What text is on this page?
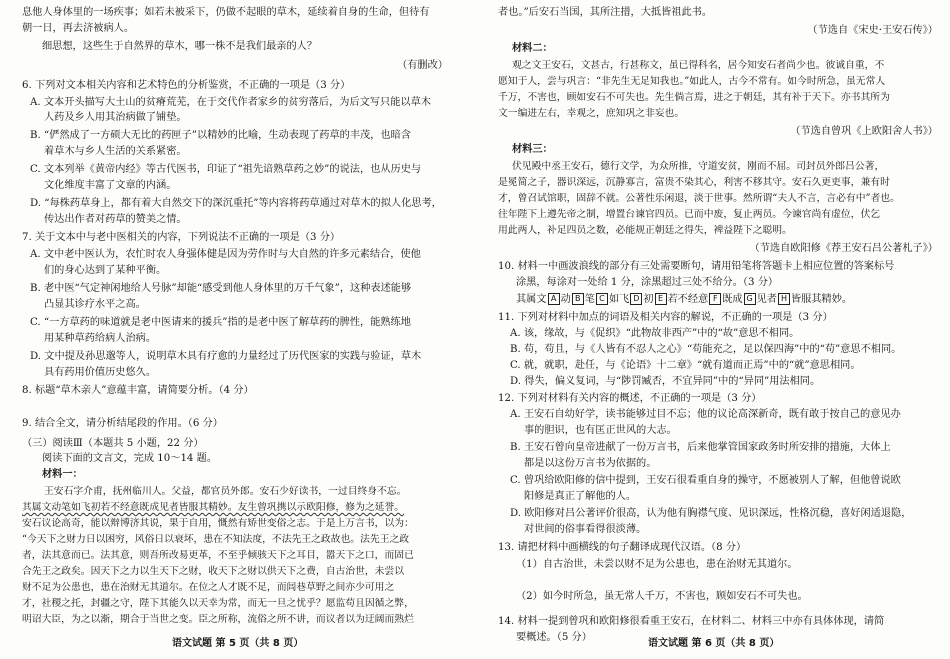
息他人身体里的一场疾事；如若未被采下，仍做不起眼的草木，延续着自身的生命，但待有
朝一日，再去济被病人。
细思想，这些生于自然界的草木，哪一株不是我们最亲的人？
（有删改）
6. 下列对文本相关内容和艺术特色的分析鉴赏，不正确的一项是（3 分）
A. 文本开头描写大土山的贫瘠荒芜，在于交代作者家乡的贫穷落后，为后文写只能以草木
人药及乡人用其治病做了铺垫。
B. “俨然成了一方硕大无比的药匣子”以精妙的比喻，生动表现了药草的丰茂，也暗含
着草木与乡人生活的关系紧密。
C. 文本列举《黄帝内经》等古代医书，印证了“祖先谙熟草药之妙”的说法，也从历史与
文化维度丰富了文章的内涵。
D. “每株药草身上，都有着大自然交下的深沉重托”等内容将药草通过对草木的拟人化思考，
传达出作者对药草的赞美之情。
7. 关于文本中与老中医相关的内容，下列说法不正确的一项是（3 分）
A. 文中老中医认为，农忙时农人身强体健是因为劳作时与大自然的许多元素结合，使他
们的身心达到了某种平衡。
B. 老中医“气定神闲地给人号脉”却能“感受到他人身体里的万千气象”，这种表述能够
凸显其诊疗水平之高。
C. “一方草药的味道就是老中医请来的援兵”指的是老中医了解草药的脾性，能熟练地
用某种草药给病人治病。
D. 文中提及孙思邈等人，说明草木具有疗愈的力量经过了历代医家的实践与验证，草木
具有药用价值历史悠久。
8. 标题“草木亲人”意蕴丰富，请简要分析。（4 分）
9. 结合全文，请分析结尾段的作用。（6 分）
（三）阅读Ⅲ（本题共 5 小题，22 分）
阅读下面的文言文，完成 10～14 题。
材料一：
王安石字介甫，抚州临川人。父益，都官员外郎。安石少好读书，一过目终身不忘。
其属文动笔如飞初若不经意既成见者皆服其精妙。友生曾巩携以示欧阳修，修为之延誉。
安石议论高奇，能以辩博济其说，果于自用，慨然有矫世变俗之志。于是上万言书，以为：
“今天下之财力日以困穷，风俗日以衰坏，患在不知法度，不法先王之政故也。法先王之政
者，法其意而已。法其意，则吾所改易更革，不至乎倾骇天下之耳目，嚣天下之口，而固已
合先王之政矣。因天下之力以生天下之财，收天下之财以供天下之费，自古治世，未尝以
财不足为公患也，患在治财无其道尔。在位之人才既不足，而闾巷草野之间亦少可用之
才，社稷之托，封疆之守，陛下其能久以天幸为常，而无一旦之忧乎？愿监苟且因循之弊，
明诏大臣，为之以渐，期合于当世之变。臣之所称，流俗之所不讲，而议者以为迂阔而熟烂
语文试题 第 5 页（共 8 页）
者也。”后安石当国，其所注措，大抵皆祖此书。
（节选自《宋史·王安石传》）
材料二：
观之文王安石，文甚古，行甚称文，虽已得科名，居今知安石者尚少也。彼诚自重，不
愿知于人，尝与巩言：“非先生无足知我也。”如此人，古今不常有。如今时所急，虽无常人
千万，不害也，顾如安石不可失也。先生倘言焉，进之于朝廷，其有补于天下。亦书其所为
文一编进左右，幸观之，庶知巩之非妄也。
（节选自曾巩《上欧阳舍人书》）
材料三：
伏见殿中丞王安石，德行文学，为众所推，守道安贫，刚而不屈。司封员外郎吕公著，
是冕简之子，器识深远，沉静寡言，富贵不染其心，利害不移其守。安石久更吏事，兼有时
才，曾召试馆职，固辞不就。公著性乐闲退，淡于世事。然所谓“夫人不言，言必有中”者也。
往年陛下上遵先帝之制，增置台谏官四员。已而中废，复止两员。今谏官尚有虚位，伏乞
用此两人，补足四员之数，必能规正朝廷之得失，裨益陛下之聪明。
（节选自欧阳修《荐王安石吕公著札子》）
10. 材料一中画波浪线的部分有三处需要断句，请用铅笔将答题卡上相应位置的答案标号
涂黑，每涂对一处给 1 分，涂黑超过三处不给分。（3 分）
其属文 A 动 B 笔 C 如飞 D 初 E 若不经意 F 既成 G 见者 H 皆服其精妙。
11. 下列对材料中加点的词语及相关内容的解说，不正确的一项是（3 分）
A. 该，缘故，与《促织》“此物故非西产”中的“故”意思不相同。
B. 苟，苟且，与《人皆有不忍人之心》“苟能充之，足以保四海”中的“苟”意思不相同。
C. 就，就职，赴任，与《论语》十二章》“就有道而正焉”中的“就”意思相同。
D. 得失，偏义复词，与“陟罚臧否，不宜异同”中的“异同”用法相同。
12. 下列对材料有关内容的概述，不正确的一项是（3 分）
A. 王安石自幼好学，读书能够过目不忘；他的议论高深新奇，既有敢于按自己的意见办
事的胆识，也有匡正世风的大志。
B. 王安石曾向皇帝进献了一份万言书，后来他掌管国家政务时所安排的措施，大体上
都是以这份万言书为依据的。
C. 曾巩给欧阳修的信中提到，王安石很看重自身的操守，不愿被别人了解，但他曾说欧
阳修是真正了解他的人。
D. 欧阳修对吕公著评价很高，认为他有胸襟气度、见识深远，性格沉稳，喜好闲适退隐，
对世间的俗事看得很淡薄。
13. 请把材料中画横线的句子翻译成现代汉语。（8 分）
（1）自古治世，未尝以财不足为公患也，患在治财无其道尔。
（2）如今时所急，虽无常人千万，不害也，顾如安石不可失也。
14. 材料一提到曾巩和欧阳修很看重王安石，在材料二、材料三中亦有具体体现，请简
要概述。（5 分）
语文试题 第 6 页（共 8 页）
